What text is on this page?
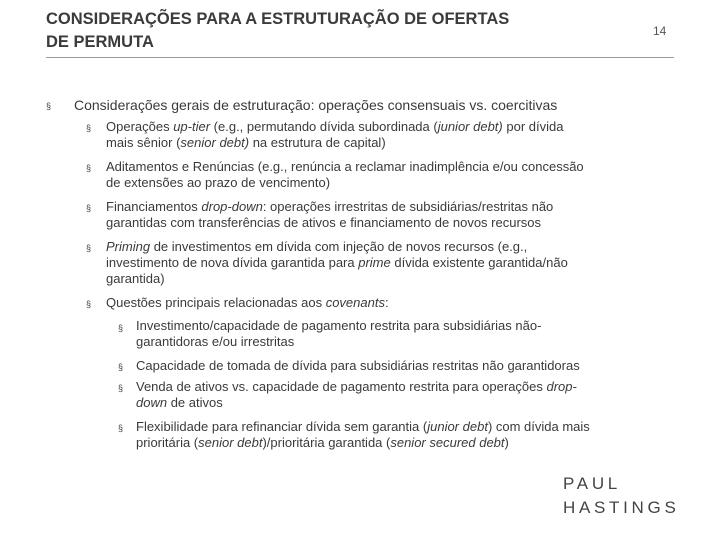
CONSIDERAÇÕES PARA A ESTRUTURAÇÃO DE OFERTAS
DE PERMUTA
14
§ Considerações gerais de estruturação: operações consensuais vs. coercitivas
§ Operações up-tier (e.g., permutando dívida subordinada (junior debt) por dívida
mais sênior (senior debt) na estrutura de capital)
§ Aditamentos e Renúncias (e.g., renúncia a reclamar inadimplência e/ou concessão
de extensões ao prazo de vencimento)
§ Financiamentos drop-down: operações irrestritas de subsidiárias/restritas não
garantidas com transferências de ativos e financiamento de novos recursos
§ Priming de investimentos em dívida com injeção de novos recursos (e.g.,
investimento de nova dívida garantida para prime dívida existente garantida/não
garantida)
§ Questões principais relacionadas aos covenants:
§ Investimento/capacidade de pagamento restrita para subsidiárias não-
garantidoras e/ou irrestritas
§ Capacidade de tomada de dívida para subsidiárias restritas não garantidoras
§ Venda de ativos vs. capacidade de pagamento restrita para operações drop-
down de ativos
§ Flexibilidade para refinanciar dívida sem garantia (junior debt) com dívida mais
prioritária (senior debt)/prioritária garantida (senior secured debt)
PAUL
HASTINGS
